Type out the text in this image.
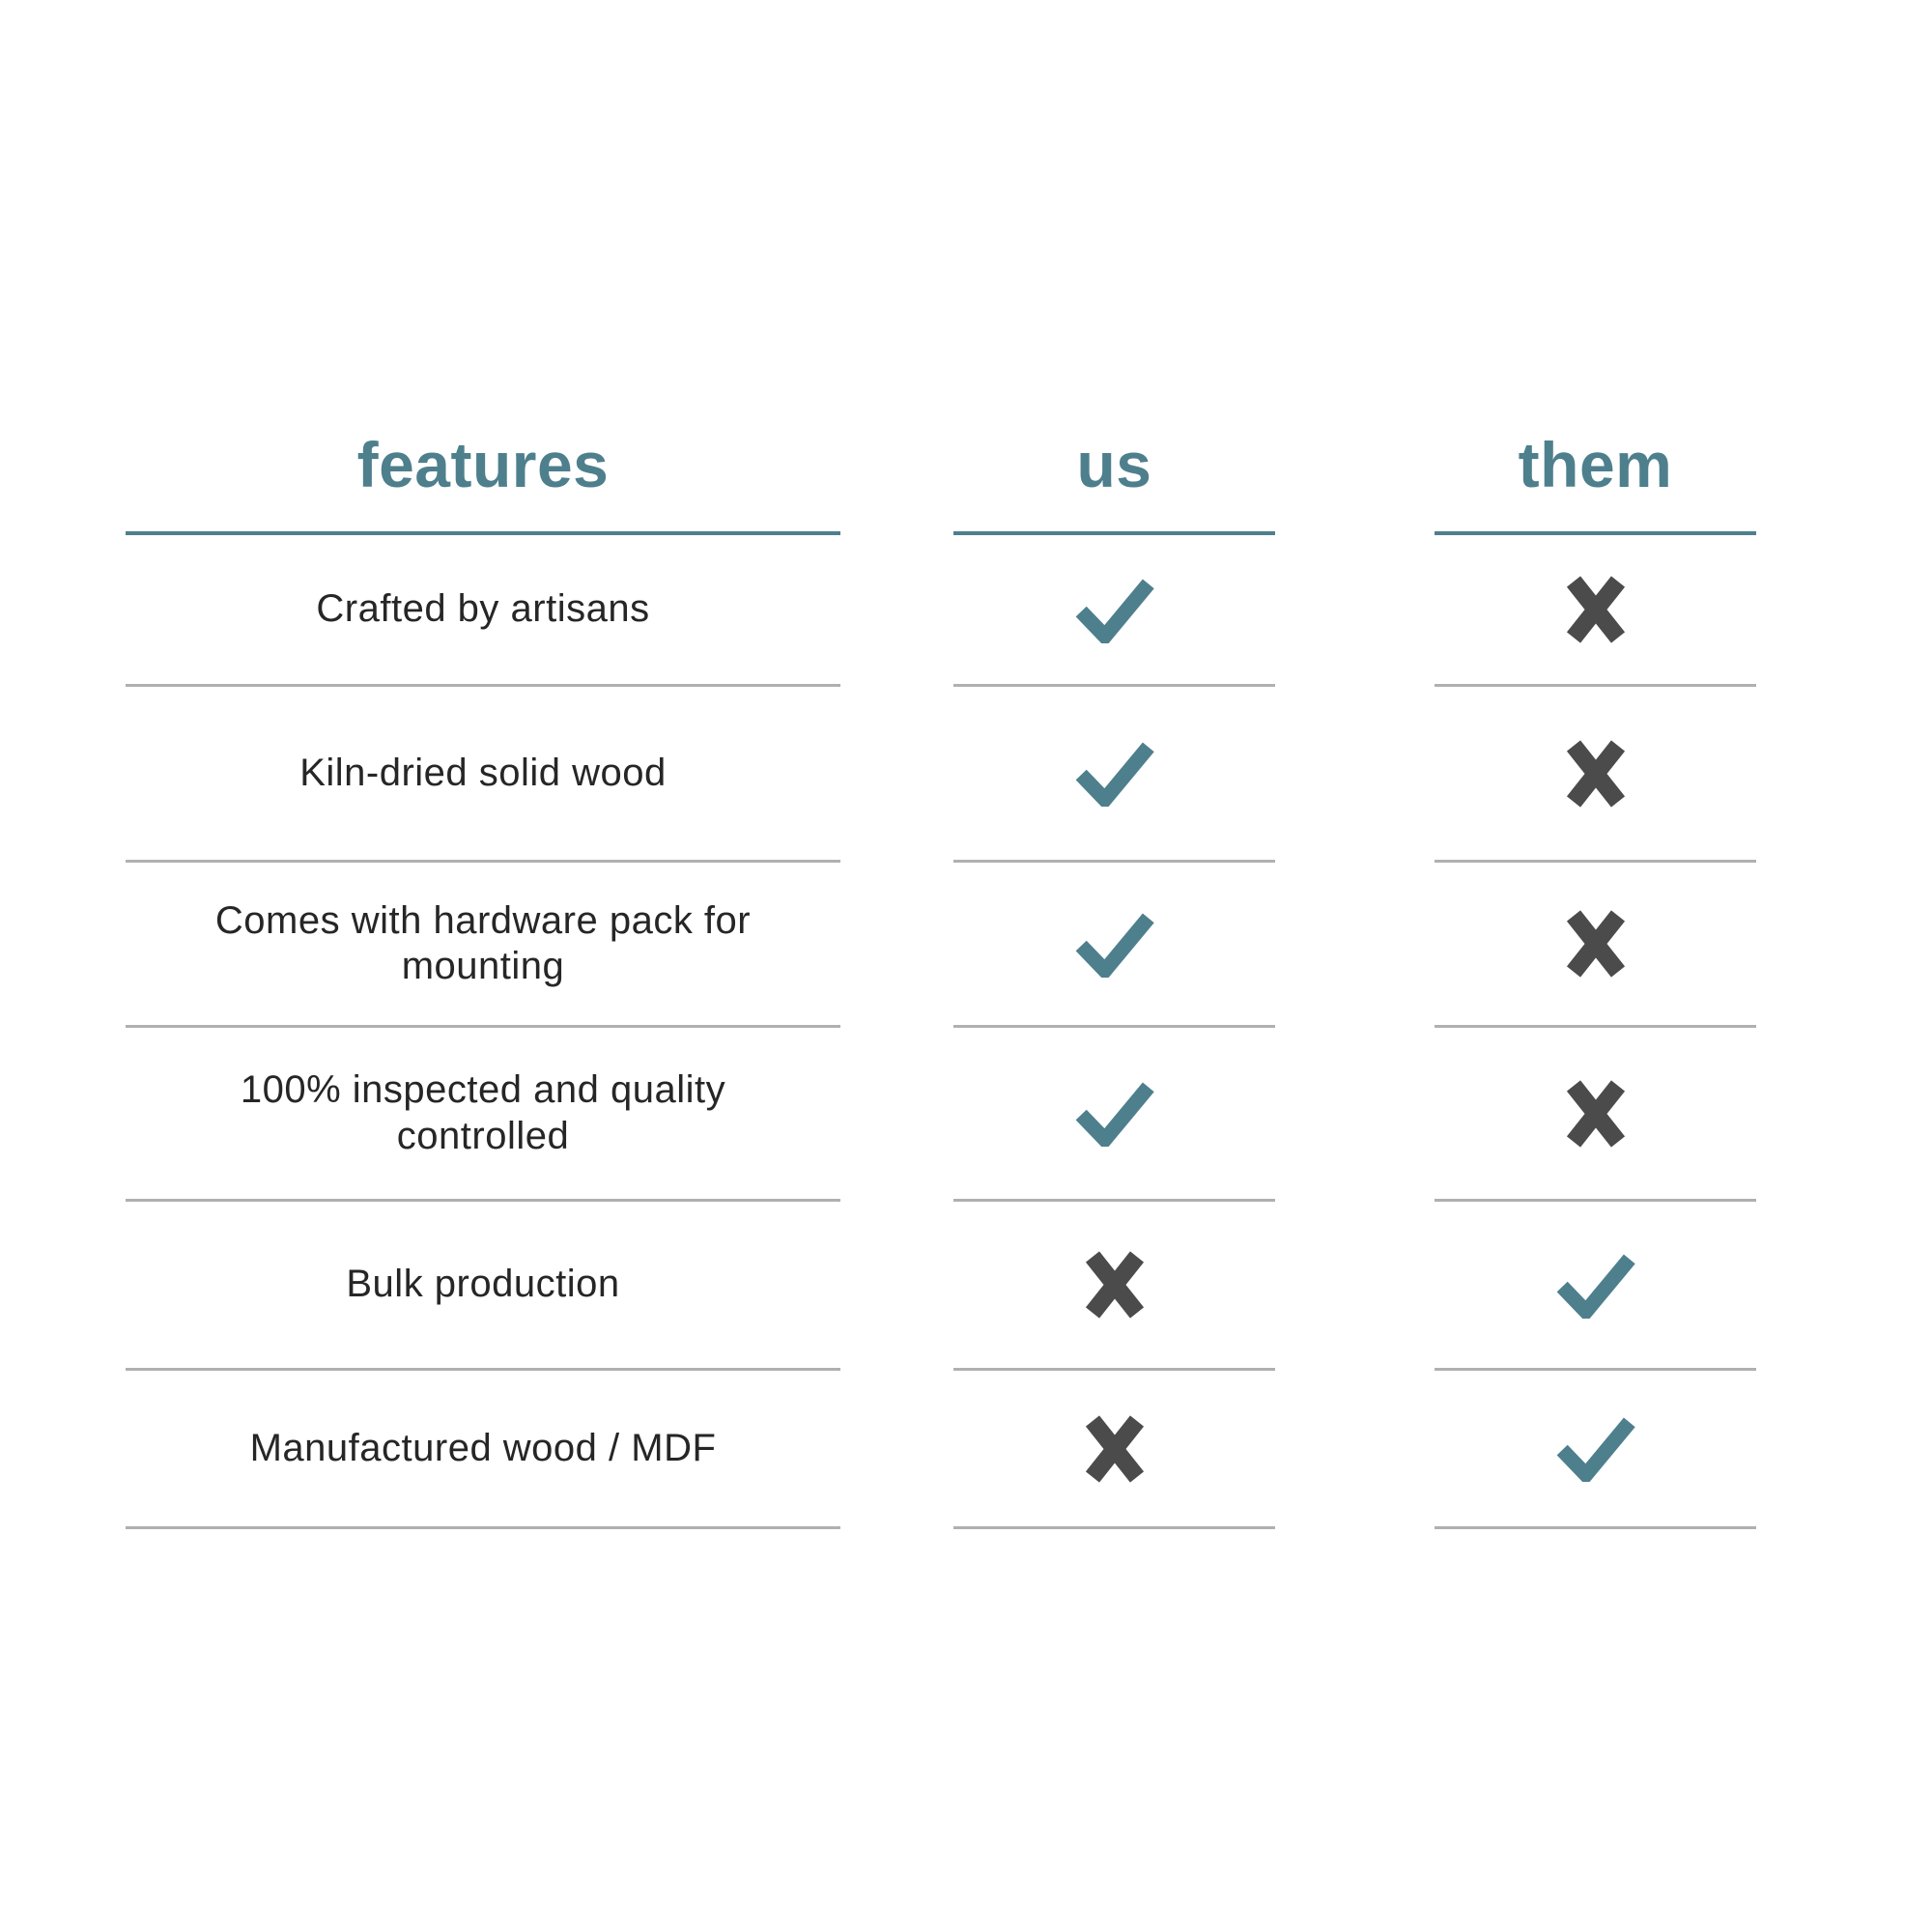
features	us	them
Crafted by artisans
Kiln-dried solid wood
Comes with hardware pack for mounting
100% inspected and quality controlled
Bulk production
Manufactured wood / MDF
